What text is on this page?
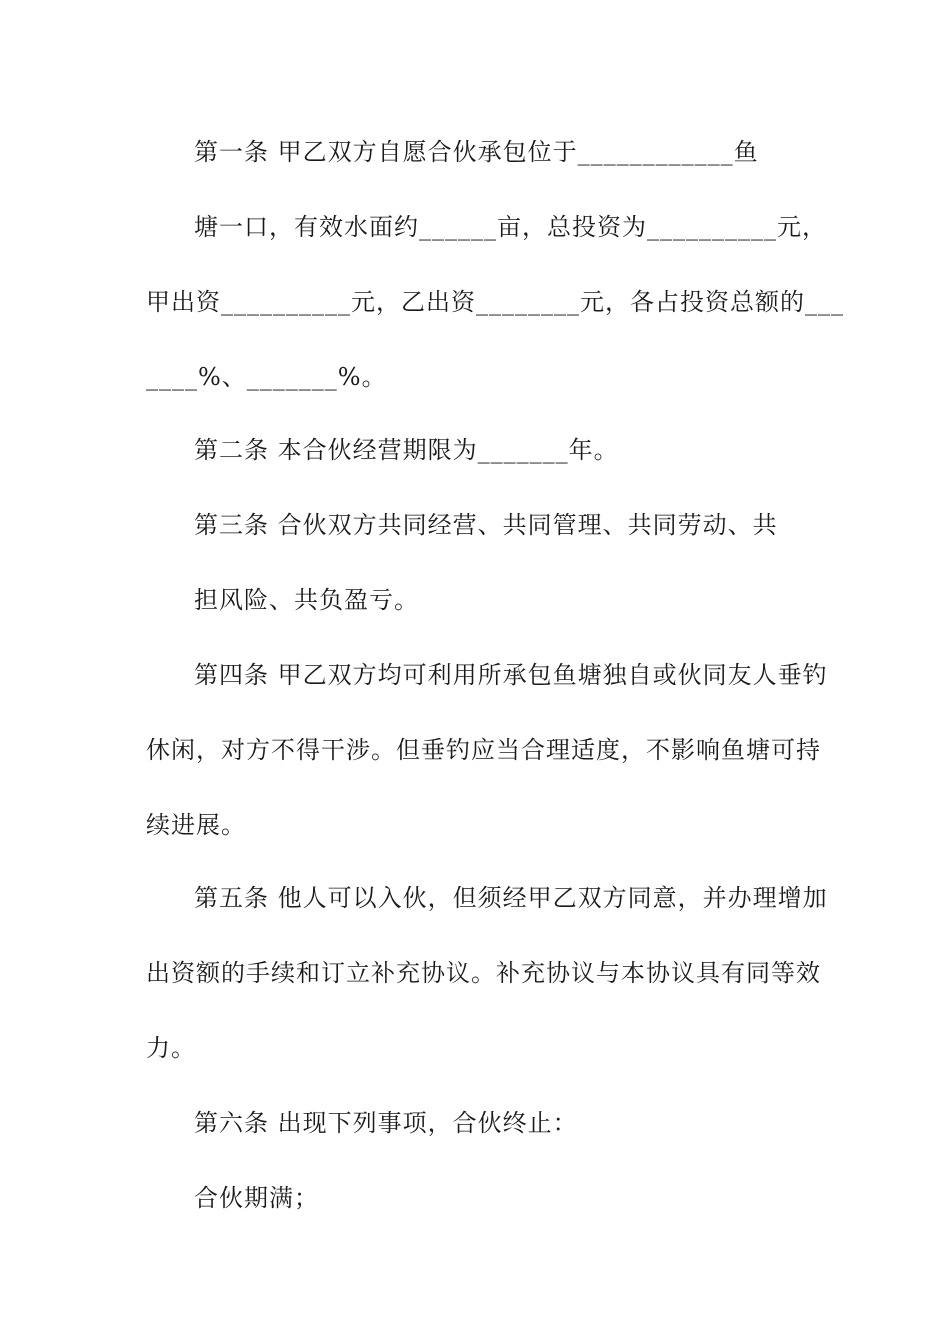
第一条 甲乙双方自愿合伙承包位于____________鱼
塘一口，有效水面约______亩，总投资为__________元，
甲出资__________元，乙出资________元，各占投资总额的___
____%、_______%。
第二条 本合伙经营期限为_______年。
第三条 合伙双方共同经营、共同管理、共同劳动、共
担风险、共负盈亏。
第四条 甲乙双方均可利用所承包鱼塘独自或伙同友人垂钓
休闲，对方不得干涉。但垂钓应当合理适度，不影响鱼塘可持
续进展。
第五条 他人可以入伙，但须经甲乙双方同意，并办理增加
出资额的手续和订立补充协议。补充协议与本协议具有同等效
力。
第六条 出现下列事项，合伙终止：
合伙期满；
